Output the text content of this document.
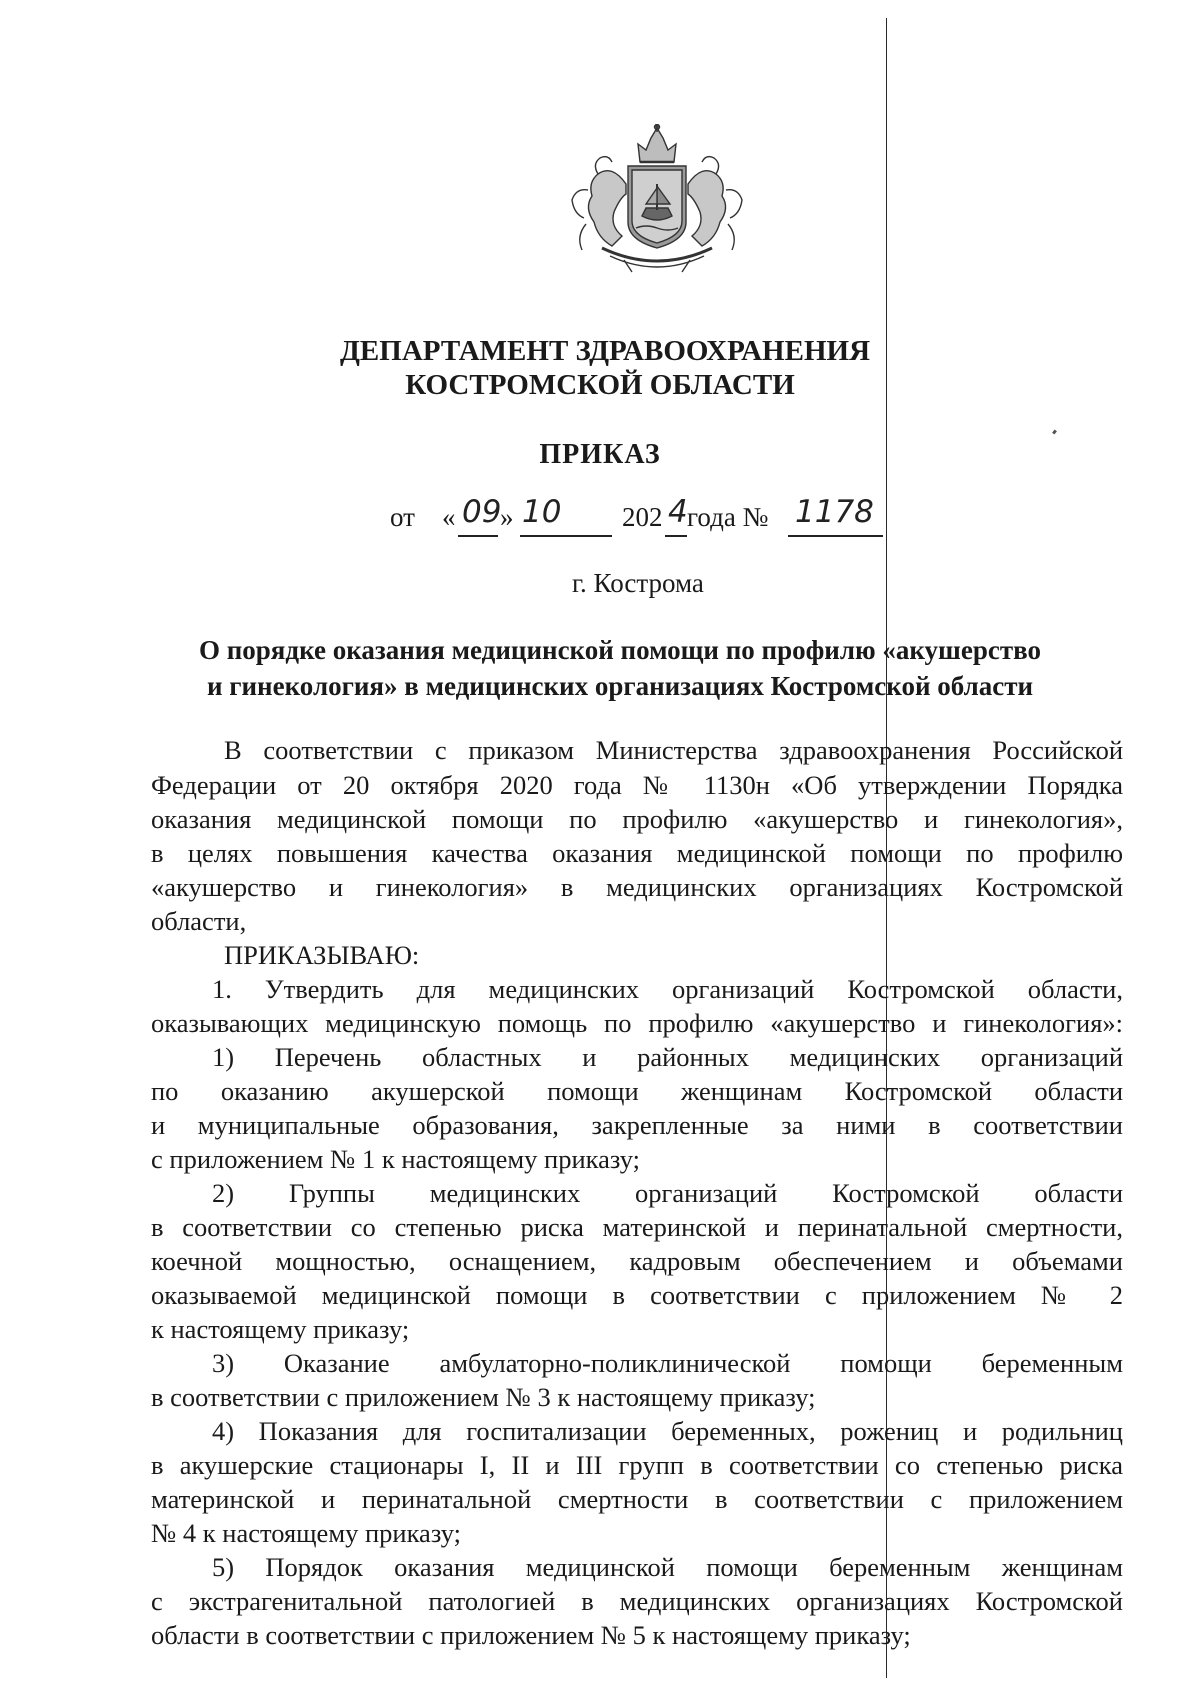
ДЕПАРТАМЕНТ ЗДРАВООХРАНЕНИЯ
КОСТРОМСКОЙ ОБЛАСТИ
ПРИКАЗ
от « 09
» 10 202 4 года № 1178
г. Кострома
О порядке оказания медицинской помощи по профилю «акушерство
и гинекология» в медицинских организациях Костромской области
В соответствии с приказом Министерства здравоохранения Российской
Федерации от 20 октября 2020 года № 1130н «Об утверждении Порядка
оказания медицинской помощи по профилю «акушерство и гинекология»,
в целях повышения качества оказания медицинской помощи по профилю
«акушерство и гинекология» в медицинских организациях Костромской
области,
ПРИКАЗЫВАЮ:
1. Утвердить для медицинских организаций Костромской области,
оказывающих медицинскую помощь по профилю «акушерство и гинекология»:
1) Перечень областных и районных медицинских организаций
по оказанию акушерской помощи женщинам Костромской области
и муниципальные образования, закрепленные за ними в соответствии
с приложением № 1 к настоящему приказу;
2) Группы медицинских организаций Костромской области
в соответствии со степенью риска материнской и перинатальной смертности,
коечной мощностью, оснащением, кадровым обеспечением и объемами
оказываемой медицинской помощи в соответствии с приложением № 2
к настоящему приказу;
3) Оказание амбулаторно-поликлинической помощи беременным
в соответствии с приложением № 3 к настоящему приказу;
4) Показания для госпитализации беременных, рожениц и родильниц
в акушерские стационары I, II и III групп в соответствии со степенью риска
материнской и перинатальной смертности в соответствии с приложением
№ 4 к настоящему приказу;
5) Порядок оказания медицинской помощи беременным женщинам
с экстрагенитальной патологией в медицинских организациях Костромской
области в соответствии с приложением № 5 к настоящему приказу;
